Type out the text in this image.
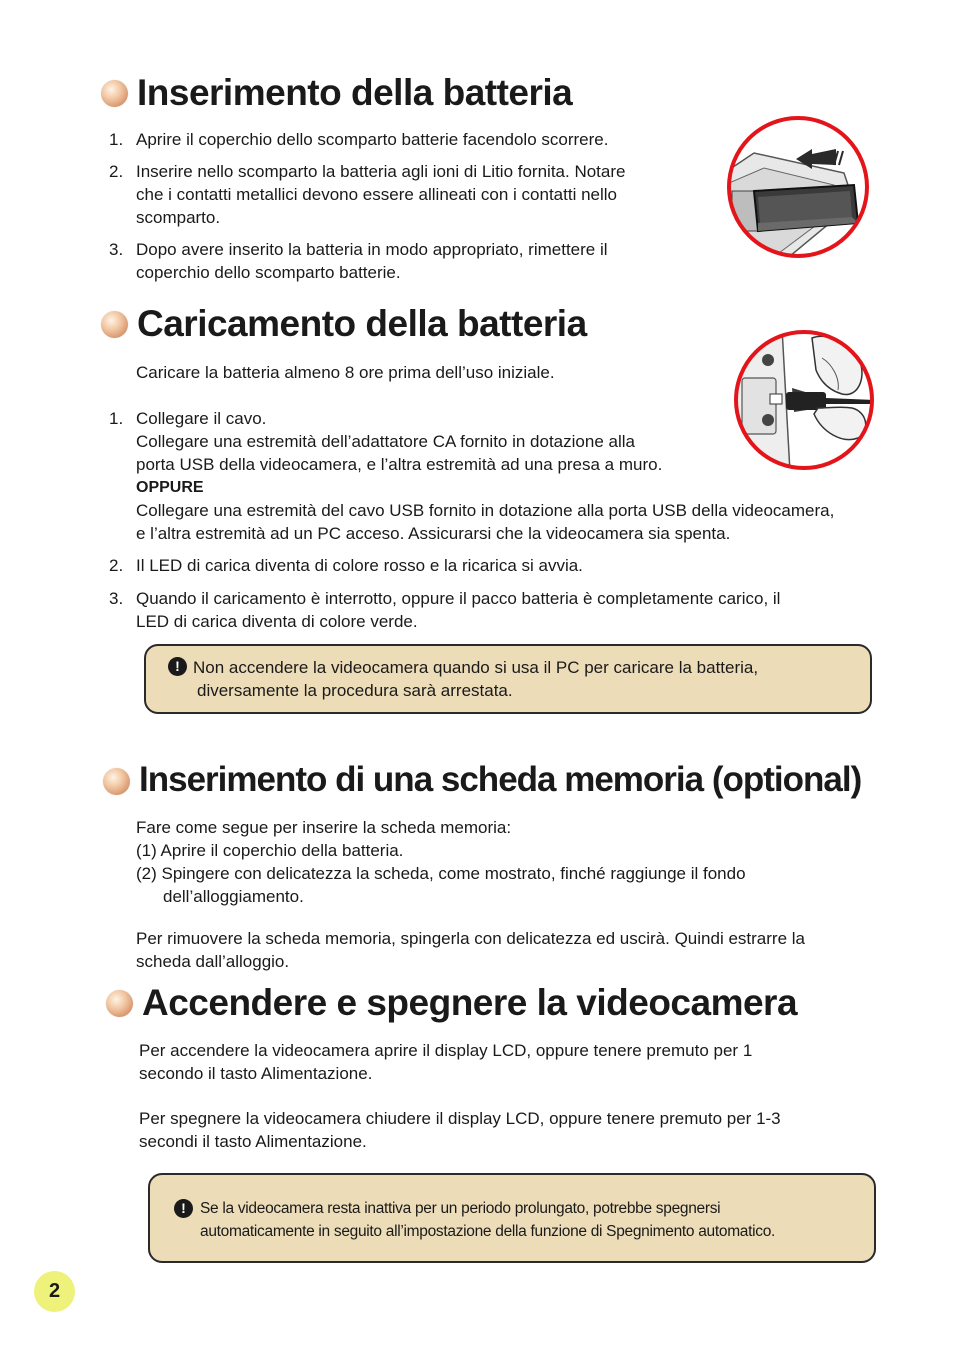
Inserimento della batteria
1. Aprire il coperchio dello scomparto batterie facendolo scorrere.
2. Inserire nello scomparto la batteria agli ioni di Litio fornita. Notare
che i contatti metallici devono essere allineati con i contatti nello
scomparto.
3. Dopo avere inserito la batteria in modo appropriato, rimettere il
coperchio dello scomparto batterie.
Caricamento della batteria
Caricare la batteria almeno 8 ore prima dell’uso iniziale.
1. Collegare il cavo.
Collegare una estremità dell’adattatore CA fornito in dotazione alla
porta USB della videocamera, e l’altra estremità ad una presa a muro.
OPPURE
Collegare una estremità del cavo USB fornito in dotazione alla porta USB della videocamera,
e l’altra estremità ad un PC acceso. Assicurarsi che la videocamera sia spenta.
2. Il LED di carica diventa di colore rosso e la ricarica si avvia.
3. Quando il caricamento è interrotto, oppure il pacco batteria è completamente carico, il
LED di carica diventa di colore verde.
! Non accendere la videocamera quando si usa il PC per caricare la batteria,
diversamente la procedura sarà arrestata.
Inserimento di una scheda memoria (optional)
Fare come segue per inserire la scheda memoria:
(1) Aprire il coperchio della batteria.
(2) Spingere con delicatezza la scheda, come mostrato, finché raggiunge il fondo
dell’alloggiamento.
Per rimuovere la scheda memoria, spingerla con delicatezza ed uscirà. Quindi estrarre la
scheda dall’alloggio.
Accendere e spegnere la videocamera
Per accendere la videocamera aprire il display LCD, oppure tenere premuto per 1
secondo il tasto Alimentazione.
Per spegnere la videocamera chiudere il display LCD, oppure tenere premuto per 1-3
secondi il tasto Alimentazione.
! Se la videocamera resta inattiva per un periodo prolungato, potrebbe spegnersi
automaticamente in seguito all’impostazione della funzione di Spegnimento automatico.
2
